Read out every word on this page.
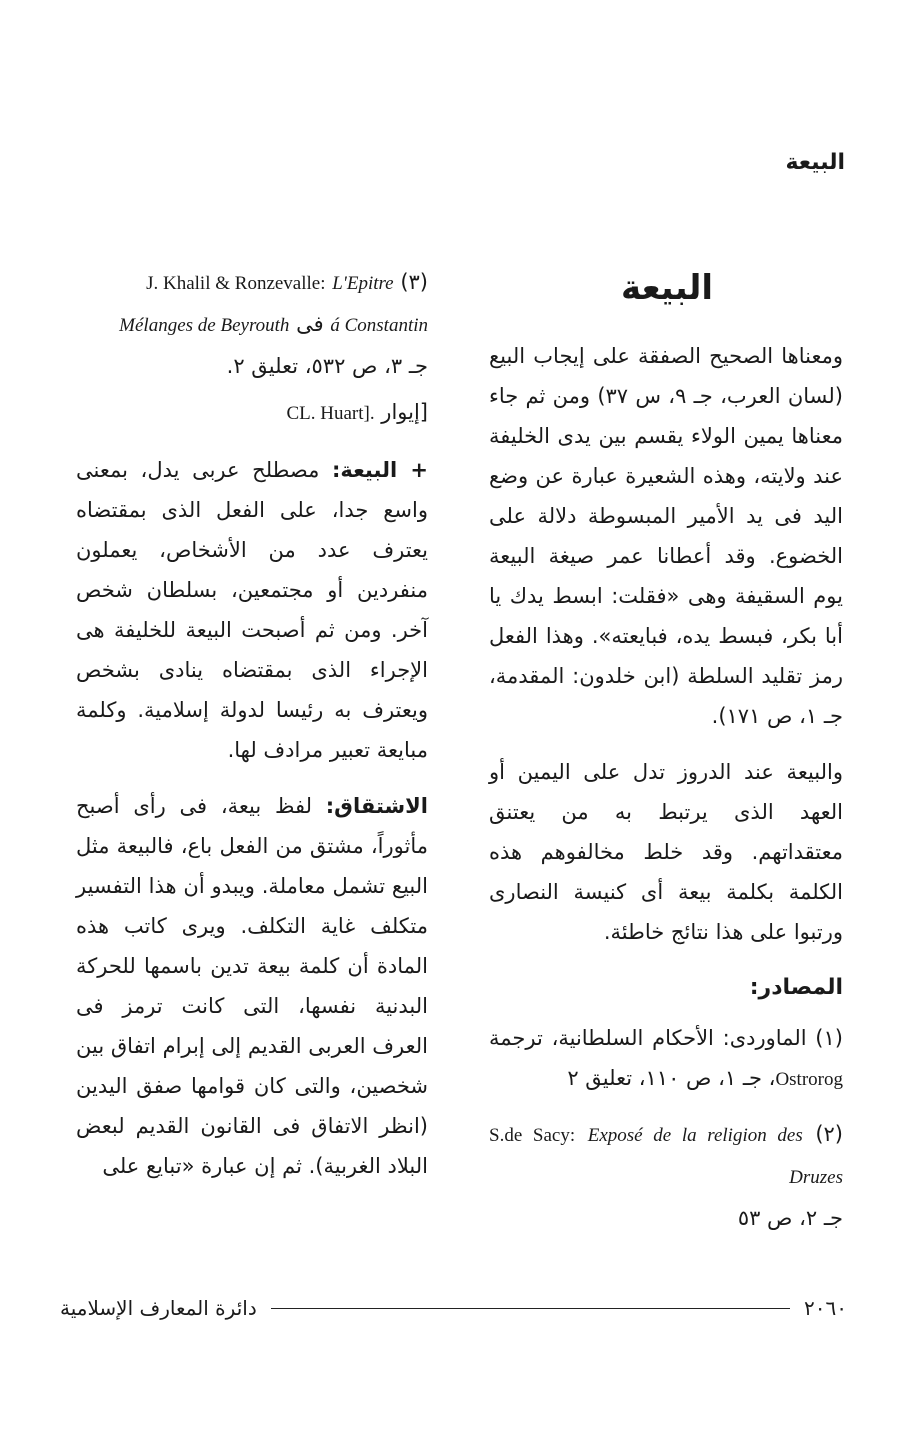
البيعة
البيعة

ومعناها الصحيح الصفقة على إيجاب البيع (لسان العرب، جـ ٩، س ٣٧) ومن ثم جاء معناها يمين الولاء يقسم بين يدى الخليفة عند ولايته، وهذه الشعيرة عبارة عن وضع اليد فى يد الأمير المبسوطة دلالة على الخضوع. وقد أعطانا عمر صيغة البيعة يوم السقيفة وهى «فقلت: ابسط يدك يا أبا بكر، فبسط يده، فبايعته». وهذا الفعل رمز تقليد السلطة (ابن خلدون: المقدمة، جـ ١، ص ١٧١).

والبيعة عند الدروز تدل على اليمين أو العهد الذى يرتبط به من يعتنق معتقداتهم. وقد خلط مخالفوهم هذه الكلمة بكلمة بيعة أى كنيسة النصارى ورتبوا على هذا نتائج خاطئة.

المصادر:
(١) الماوردى: الأحكام السلطانية، ترجمة Ostrorog، جـ ١، ص ١١٠، تعليق ٢
(٢) S.de Sacy: Exposé de la religion des Druzes
جـ ٢، ص ٥٣
(٣) J. Khalil & Ronzevalle: L'Epitre
á Constantin فى Mélanges de Beyrouth
جـ ٣، ص ٥٣٢، تعليق ٢.
[إيوار CL. Huart].

+ البيعة: مصطلح عربى يدل، بمعنى واسع جدا، على الفعل الذى بمقتضاه يعترف عدد من الأشخاص، يعملون منفردين أو مجتمعين، بسلطان شخص آخر. ومن ثم أصبحت البيعة للخليفة هى الإجراء الذى بمقتضاه ينادى بشخص ويعترف به رئيسا لدولة إسلامية. وكلمة مبايعة تعبير مرادف لها.

الاشتقاق: لفظ بيعة، فى رأى أصبح مأثوراً، مشتق من الفعل باع، فالبيعة مثل البيع تشمل معاملة. ويبدو أن هذا التفسير متكلف غاية التكلف. ويرى كاتب هذه المادة أن كلمة بيعة تدين باسمها للحركة البدنية نفسها، التى كانت ترمز فى العرف العربى القديم إلى إبرام اتفاق بين شخصين، والتى كان قوامها صفق اليدين (انظر الاتفاق فى القانون القديم لبعض البلاد الغربية). ثم إن عبارة «تبايع على

٢٠٦٠
دائرة المعارف الإسلامية
